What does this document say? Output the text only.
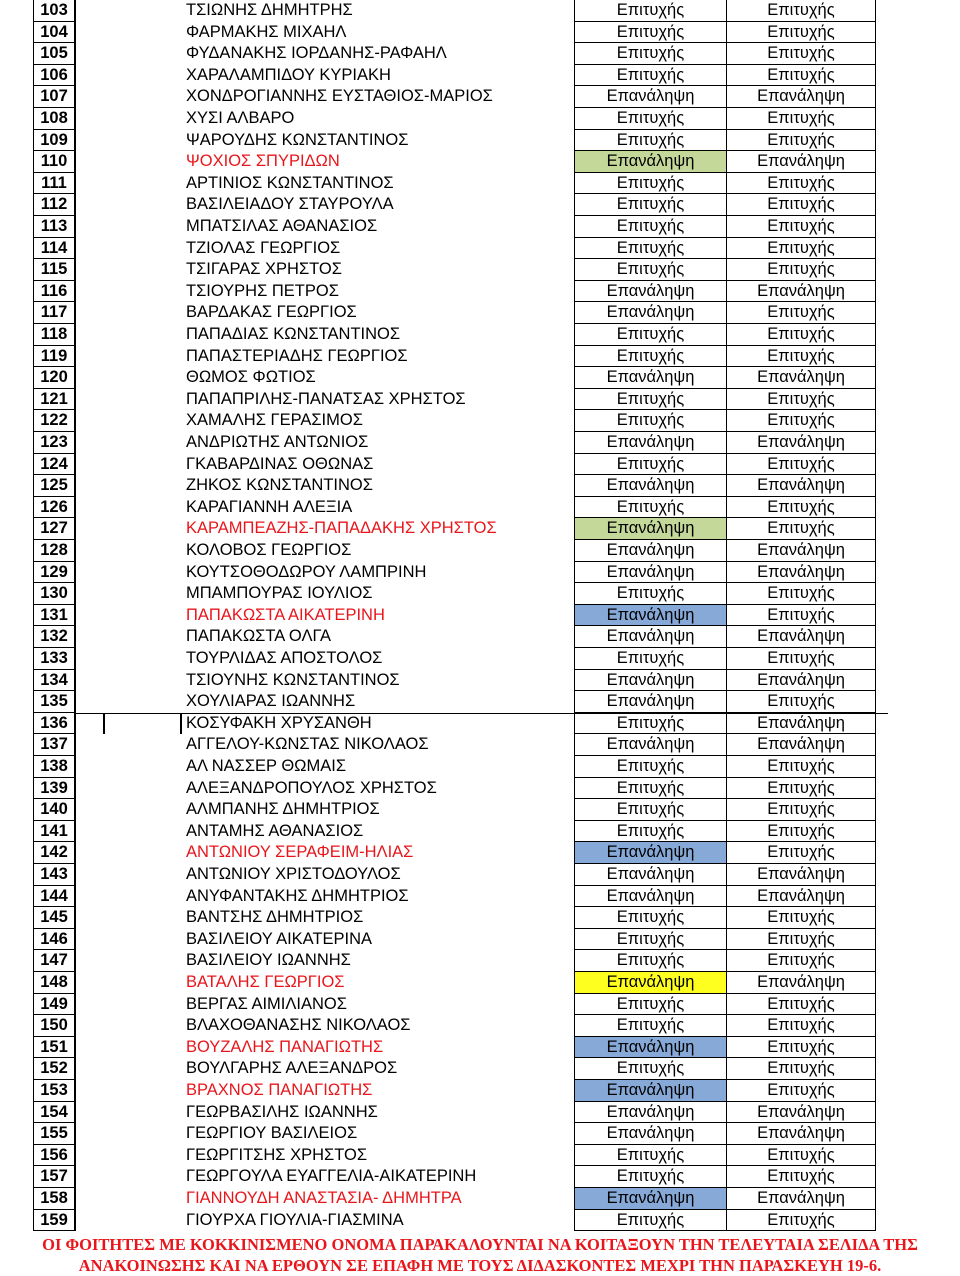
103	ΤΣΙΩΝΗΣ ΔΗΜΗΤΡΗΣ	Επιτυχής	Επιτυχής
104	ΦΑΡΜΑΚΗΣ ΜΙΧΑΗΛ	Επιτυχής	Επιτυχής
105	ΦΥΔΑΝΑΚΗΣ ΙΟΡΔΑΝΗΣ-ΡΑΦΑΗΛ	Επιτυχής	Επιτυχής
106	ΧΑΡΑΛΑΜΠΙΔΟΥ ΚΥΡΙΑΚΗ	Επιτυχής	Επιτυχής
107	ΧΟΝΔΡΟΓΙΑΝΝΗΣ ΕΥΣΤΑΘΙΟΣ-ΜΑΡΙΟΣ	Επανάληψη	Επανάληψη
108	ΧΥΣΙ ΑΛΒΑΡΟ	Επιτυχής	Επιτυχής
109	ΨΑΡΟΥΔΗΣ ΚΩΝΣΤΑΝΤΙΝΟΣ	Επιτυχής	Επιτυχής
110	ΨΟΧΙΟΣ ΣΠΥΡΙΔΩΝ	Επανάληψη	Επανάληψη
111	ΑΡΤΙΝΙΟΣ ΚΩΝΣΤΑΝΤΙΝΟΣ	Επιτυχής	Επιτυχής
112	ΒΑΣΙΛΕΙΑΔΟΥ ΣΤΑΥΡΟΥΛΑ	Επιτυχής	Επιτυχής
113	ΜΠΑΤΣΙΛΑΣ ΑΘΑΝΑΣΙΟΣ	Επιτυχής	Επιτυχής
114	ΤΖΙΟΛΑΣ ΓΕΩΡΓΙΟΣ	Επιτυχής	Επιτυχής
115	ΤΣΙΓΑΡΑΣ ΧΡΗΣΤΟΣ	Επιτυχής	Επιτυχής
116	ΤΣΙΟΥΡΗΣ ΠΕΤΡΟΣ	Επανάληψη	Επανάληψη
117	ΒΑΡΔΑΚΑΣ ΓΕΩΡΓΙΟΣ	Επανάληψη	Επιτυχής
118	ΠΑΠΑΔΙΑΣ ΚΩΝΣΤΑΝΤΙΝΟΣ	Επιτυχής	Επιτυχής
119	ΠΑΠΑΣΤΕΡΙΑΔΗΣ ΓΕΩΡΓΙΟΣ	Επιτυχής	Επιτυχής
120	ΘΩΜΟΣ ΦΩΤΙΟΣ	Επανάληψη	Επανάληψη
121	ΠΑΠΑΠΡΙΛΗΣ-ΠΑΝΑΤΣΑΣ ΧΡΗΣΤΟΣ	Επιτυχής	Επιτυχής
122	ΧΑΜΑΛΗΣ ΓΕΡΑΣΙΜΟΣ	Επιτυχής	Επιτυχής
123	ΑΝΔΡΙΩΤΗΣ ΑΝΤΩΝΙΟΣ	Επανάληψη	Επανάληψη
124	ΓΚΑΒΑΡΔΙΝΑΣ ΟΘΩΝΑΣ	Επιτυχής	Επιτυχής
125	ΖΗΚΟΣ ΚΩΝΣΤΑΝΤΙΝΟΣ	Επανάληψη	Επανάληψη
126	ΚΑΡΑΓΙΑΝΝΗ ΑΛΕΞΙΑ	Επιτυχής	Επιτυχής
127	ΚΑΡΑΜΠΕΑΖΗΣ-ΠΑΠΑΔΑΚΗΣ ΧΡΗΣΤΟΣ	Επανάληψη	Επιτυχής
128	ΚΟΛΟΒΟΣ ΓΕΩΡΓΙΟΣ	Επανάληψη	Επανάληψη
129	ΚΟΥΤΣΟΘΟΔΩΡΟΥ ΛΑΜΠΡΙΝΗ	Επανάληψη	Επανάληψη
130	ΜΠΑΜΠΟΥΡΑΣ ΙΟΥΛΙΟΣ	Επιτυχής	Επιτυχής
131	ΠΑΠΑΚΩΣΤΑ ΑΙΚΑΤΕΡΙΝΗ	Επανάληψη	Επιτυχής
132	ΠΑΠΑΚΩΣΤΑ ΟΛΓΑ	Επανάληψη	Επανάληψη
133	ΤΟΥΡΛΙΔΑΣ ΑΠΟΣΤΟΛΟΣ	Επιτυχής	Επιτυχής
134	ΤΣΙΟΥΝΗΣ ΚΩΝΣΤΑΝΤΙΝΟΣ	Επανάληψη	Επανάληψη
135	ΧΟΥΛΙΑΡΑΣ ΙΩΑΝΝΗΣ	Επανάληψη	Επιτυχής
136	ΚΟΣΥΦΑΚΗ ΧΡΥΣΑΝΘΗ	Επιτυχής	Επανάληψη
137	ΑΓΓΕΛΟΥ-ΚΩΝΣΤΑΣ ΝΙΚΟΛΑΟΣ	Επανάληψη	Επανάληψη
138	ΑΛ ΝΑΣΣΕΡ ΘΩΜΑΙΣ	Επιτυχής	Επιτυχής
139	ΑΛΕΞΑΝΔΡΟΠΟΥΛΟΣ ΧΡΗΣΤΟΣ	Επιτυχής	Επιτυχής
140	ΑΛΜΠΑΝΗΣ ΔΗΜΗΤΡΙΟΣ	Επιτυχής	Επιτυχής
141	ΑΝΤΑΜΗΣ ΑΘΑΝΑΣΙΟΣ	Επιτυχής	Επιτυχής
142	ΑΝΤΩΝΙΟΥ ΣΕΡΑΦΕΙΜ-ΗΛΙΑΣ	Επανάληψη	Επιτυχής
143	ΑΝΤΩΝΙΟΥ ΧΡΙΣΤΟΔΟΥΛΟΣ	Επανάληψη	Επανάληψη
144	ΑΝΥΦΑΝΤΑΚΗΣ ΔΗΜΗΤΡΙΟΣ	Επανάληψη	Επανάληψη
145	ΒΑΝΤΣΗΣ ΔΗΜΗΤΡΙΟΣ	Επιτυχής	Επιτυχής
146	ΒΑΣΙΛΕΙΟΥ ΑΙΚΑΤΕΡΙΝΑ	Επιτυχής	Επιτυχής
147	ΒΑΣΙΛΕΙΟΥ ΙΩΑΝΝΗΣ	Επιτυχής	Επιτυχής
148	ΒΑΤΑΛΗΣ ΓΕΩΡΓΙΟΣ	Επανάληψη	Επανάληψη
149	ΒΕΡΓΑΣ ΑΙΜΙΛΙΑΝΟΣ	Επιτυχής	Επιτυχής
150	ΒΛΑΧΟΘΑΝΑΣΗΣ ΝΙΚΟΛΑΟΣ	Επιτυχής	Επιτυχής
151	ΒΟΥΖΑΛΗΣ ΠΑΝΑΓΙΩΤΗΣ	Επανάληψη	Επιτυχής
152	ΒΟΥΛΓΑΡΗΣ ΑΛΕΞΑΝΔΡΟΣ	Επιτυχής	Επιτυχής
153	ΒΡΑΧΝΟΣ ΠΑΝΑΓΙΩΤΗΣ	Επανάληψη	Επιτυχής
154	ΓΕΩΡΒΑΣΙΛΗΣ ΙΩΑΝΝΗΣ	Επανάληψη	Επανάληψη
155	ΓΕΩΡΓΙΟΥ ΒΑΣΙΛΕΙΟΣ	Επανάληψη	Επανάληψη
156	ΓΕΩΡΓΙΤΣΗΣ ΧΡΗΣΤΟΣ	Επιτυχής	Επιτυχής
157	ΓΕΩΡΓΟΥΛΑ ΕΥΑΓΓΕΛΙΑ-ΑΙΚΑΤΕΡΙΝΗ	Επιτυχής	Επιτυχής
158	ΓΙΑΝΝΟΥΔΗ ΑΝΑΣΤΑΣΙΑ- ΔΗΜΗΤΡΑ	Επανάληψη	Επανάληψη
159	ΓΙΟΥΡΧΑ ΓΙΟΥΛΙΑ-ΓΙΑΣΜΙΝΑ	Επιτυχής	Επιτυχής
ΟΙ ΦΟΙΤΗΤΕΣ ΜΕ ΚΟΚΚΙΝΙΣΜΕΝΟ ΟΝΟΜΑ ΠΑΡΑΚΑΛΟΥΝΤΑΙ ΝΑ ΚΟΙΤΑΞΟΥΝ ΤΗΝ ΤΕΛΕΥΤΑΙΑ ΣΕΛΙΔΑ ΤΗΣ
ΑΝΑΚΟΙΝΩΣΗΣ ΚΑΙ ΝΑ ΕΡΘΟΥΝ ΣΕ ΕΠΑΦΗ ΜΕ ΤΟΥΣ ΔΙΔΑΣΚΟΝΤΕΣ ΜΕΧΡΙ ΤΗΝ ΠΑΡΑΣΚΕΥΗ 19-6.
